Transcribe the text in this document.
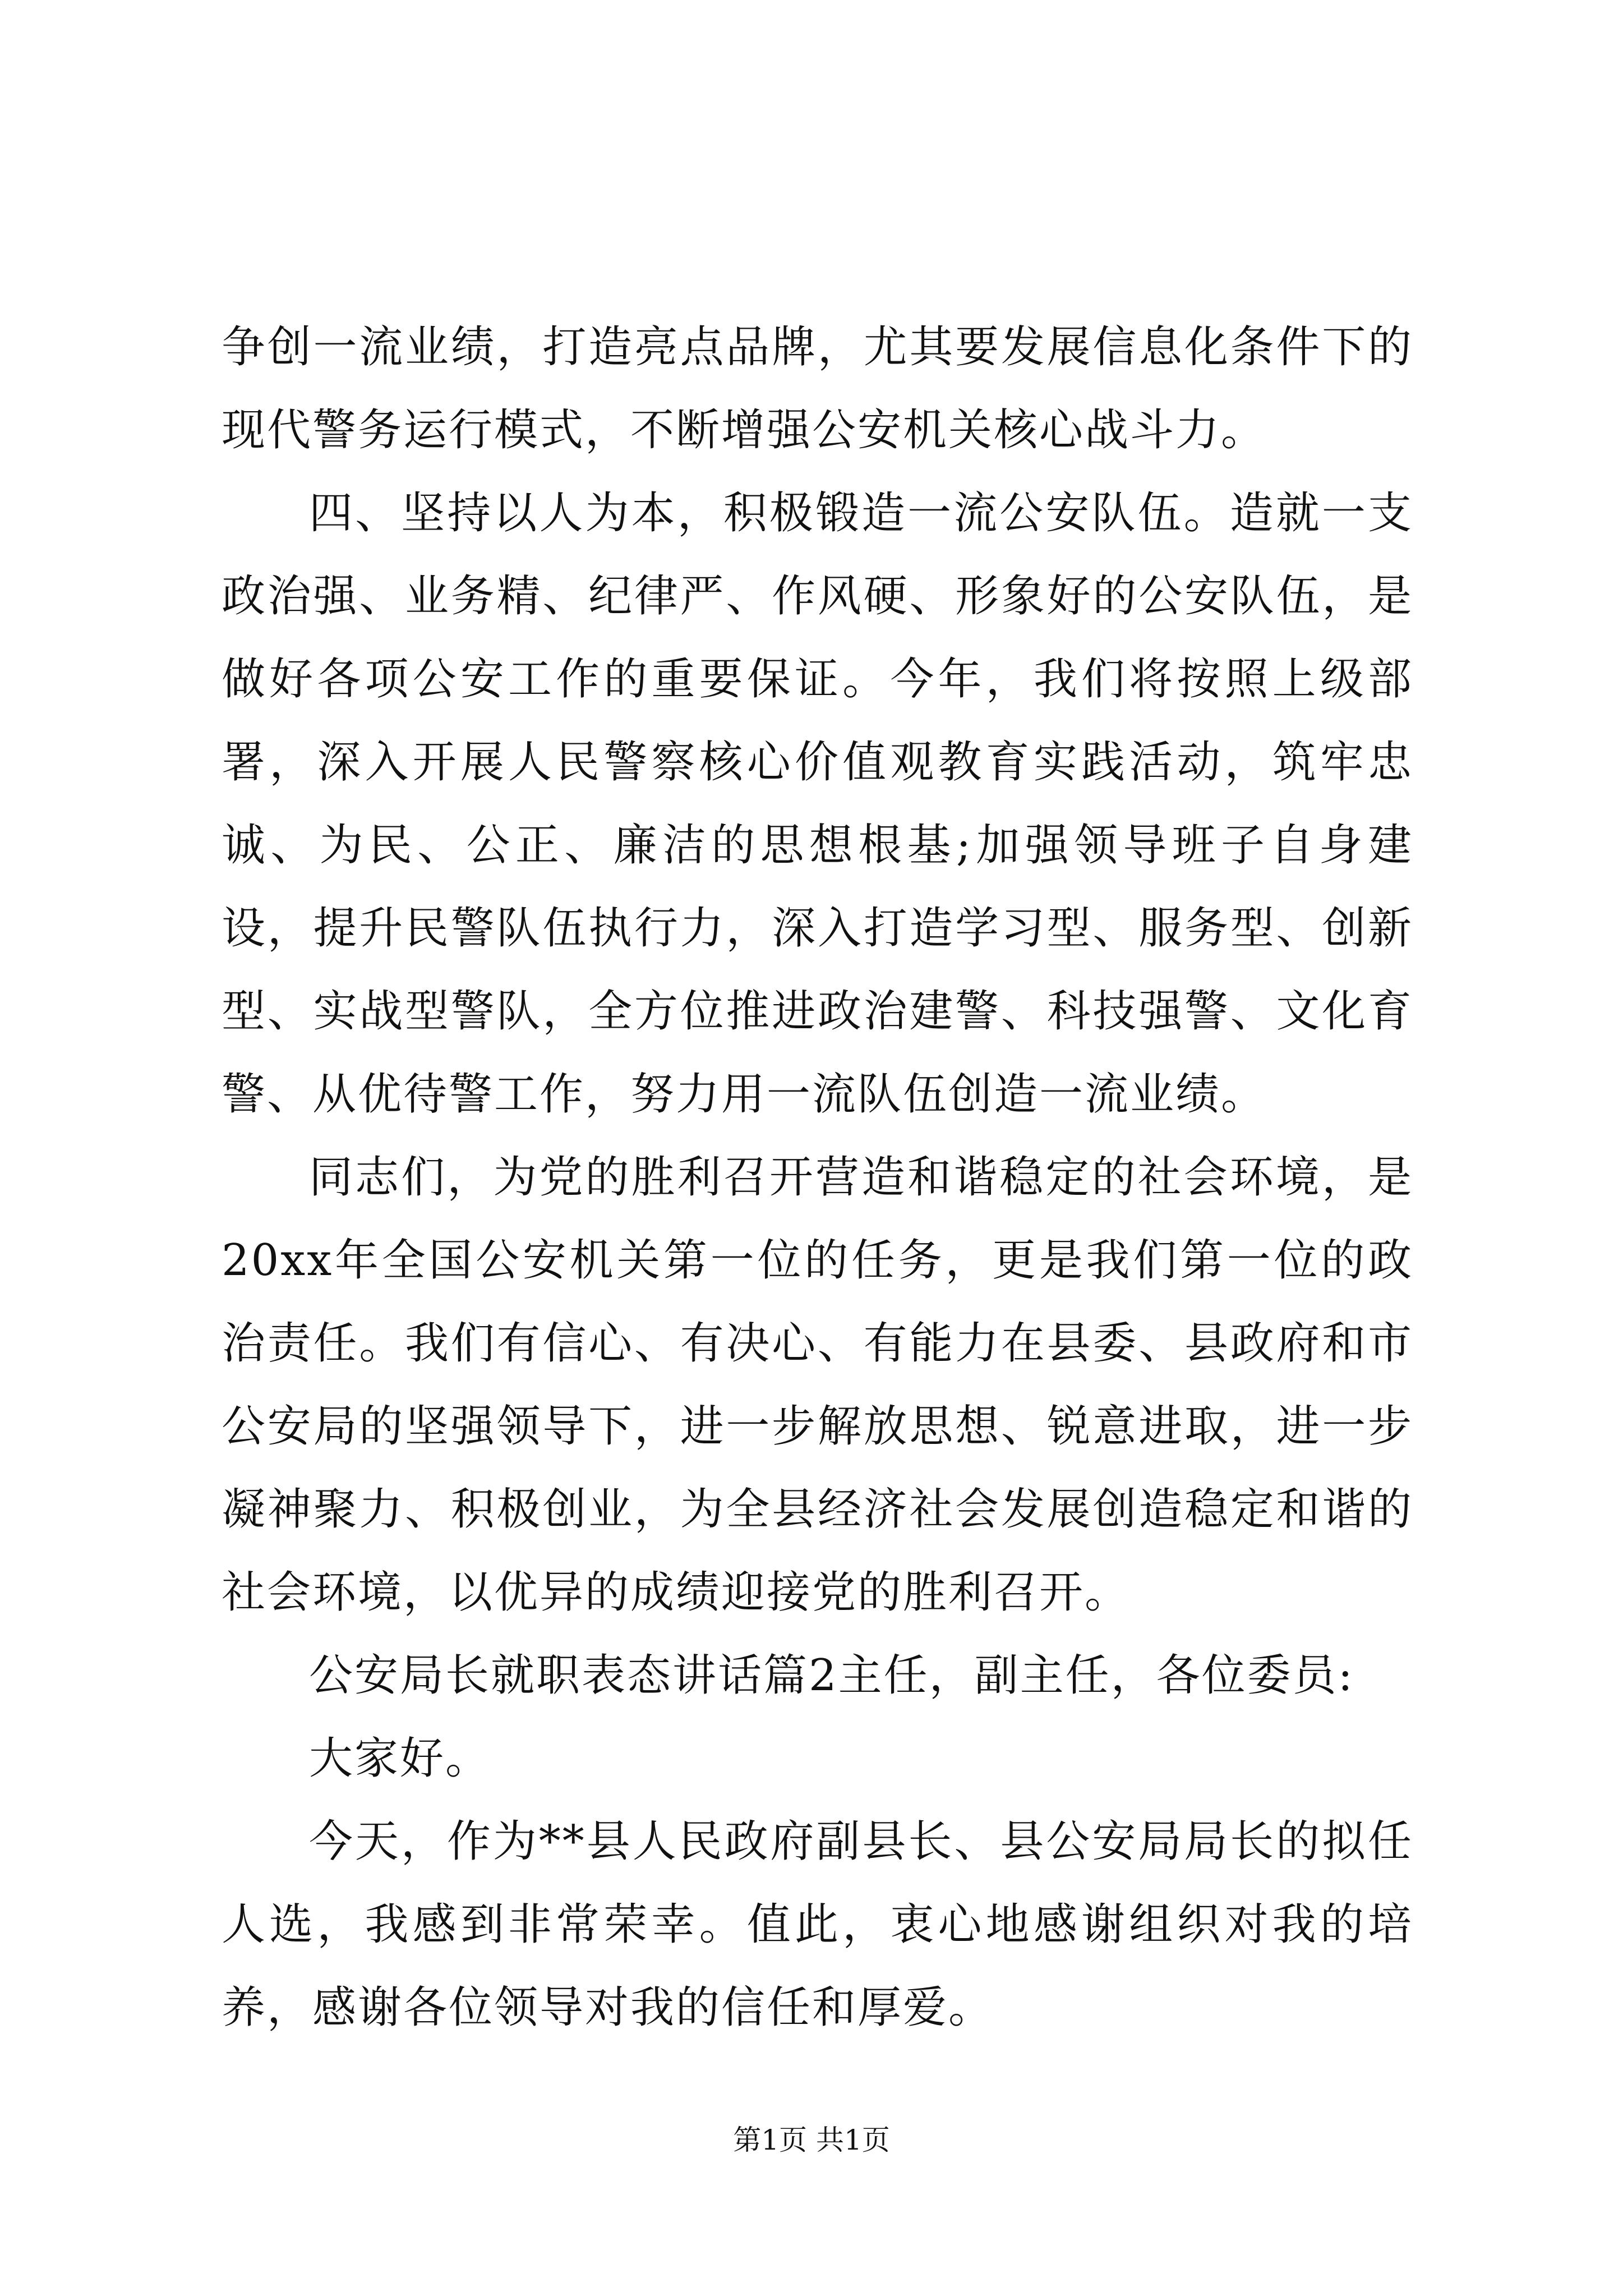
争创一流业绩，打造亮点品牌，尤其要发展信息化条件下的现代警务运行模式，不断增强公安机关核心战斗力。

四、坚持以人为本，积极锻造一流公安队伍。造就一支政治强、业务精、纪律严、作风硬、形象好的公安队伍，是做好各项公安工作的重要保证。今年，我们将按照上级部署，深入开展人民警察核心价值观教育实践活动，筑牢忠诚、为民、公正、廉洁的思想根基;加强领导班子自身建设，提升民警队伍执行力，深入打造学习型、服务型、创新型、实战型警队，全方位推进政治建警、科技强警、文化育警、从优待警工作，努力用一流队伍创造一流业绩。

同志们，为党的胜利召开营造和谐稳定的社会环境，是20xx年全国公安机关第一位的任务，更是我们第一位的政治责任。我们有信心、有决心、有能力在县委、县政府和市公安局的坚强领导下，进一步解放思想、锐意进取，进一步凝神聚力、积极创业，为全县经济社会发展创造稳定和谐的社会环境，以优异的成绩迎接党的胜利召开。

公安局长就职表态讲话篇2主任，副主任，各位委员:

大家好。

今天，作为**县人民政府副县长、县公安局局长的拟任人选，我感到非常荣幸。值此，衷心地感谢组织对我的培养，感谢各位领导对我的信任和厚爱。

第1页 共1页
